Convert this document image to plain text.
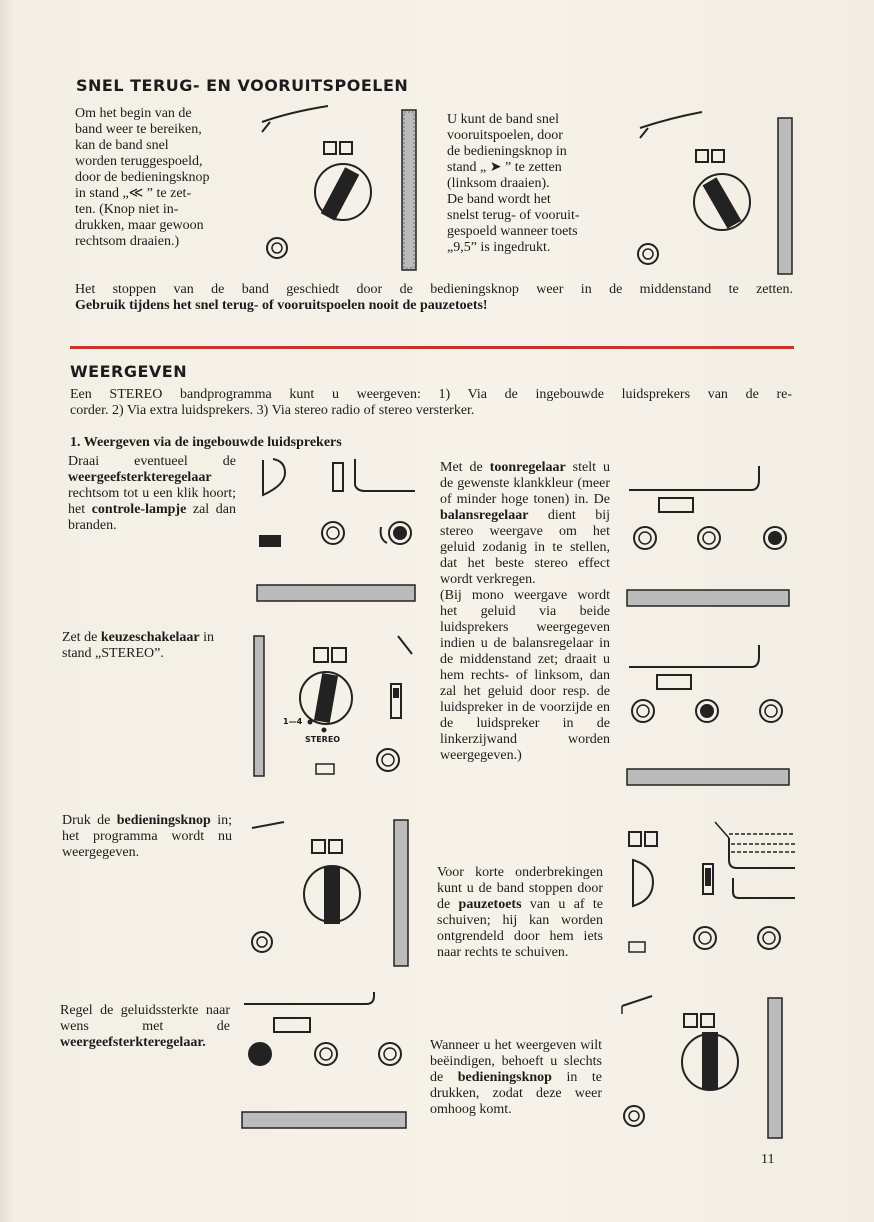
SNEL TERUG- EN VOORUITSPOELEN
Om het begin van de
band weer te bereiken,
kan de band snel
worden teruggespoeld,
door de bedieningsknop
in stand „≪ ” te zet-
ten. (Knop niet in-
drukken, maar gewoon
rechtsom draaien.)
U kunt de band snel
vooruitspoelen, door
de bedieningsknop in
stand „ ➤ ” te zetten
(linksom draaien).
De band wordt het
snelst terug- of vooruit-
gespoeld wanneer toets
„9,5” is ingedrukt.
Het stoppen van de band geschiedt door de bedieningsknop weer in de middenstand te zetten.
Gebruik tijdens het snel terug- of vooruitspoelen nooit de pauzetoets!
WEERGEVEN
Een STEREO bandprogramma kunt u weergeven: 1) Via de ingebouwde luidsprekers van de re-
corder. 2) Via extra luidsprekers. 3) Via stereo radio of stereo versterker.
1. Weergeven via de ingebouwde luidsprekers
Draai eventueel de weergeefsterkteregelaar rechtsom tot u een klik hoort; het controle-lampje zal dan branden.
Zet de keuzeschakelaar in stand „STEREO”.
1—4
STEREO
Druk de bedieningsknop in; het programma wordt nu weergegeven.
Regel de geluidssterkte naar wens met de weergeefsterkteregelaar.
Met de toonregelaar stelt u de gewenste klankkleur (meer of minder hoge tonen) in. De balansregelaar dient bij stereo weergave om het geluid zodanig in te stellen, dat het beste stereo effect wordt verkregen.
(Bij mono weergave wordt het geluid via beide luidsprekers weergegeven indien u de balansregelaar in de middenstand zet; draait u hem rechts- of linksom, dan zal het geluid door resp. de luidspreker in de voorzijde en de luidspreker in de linkerzijwand worden weergegeven.)
Voor korte onderbrekingen kunt u de band stoppen door de pauzetoets van u af te schuiven; hij kan worden ontgrendeld door hem iets naar rechts te schuiven.
Wanneer u het weergeven wilt beëindigen, behoeft u slechts de bedieningsknop in te drukken, zodat deze weer omhoog komt.
11
